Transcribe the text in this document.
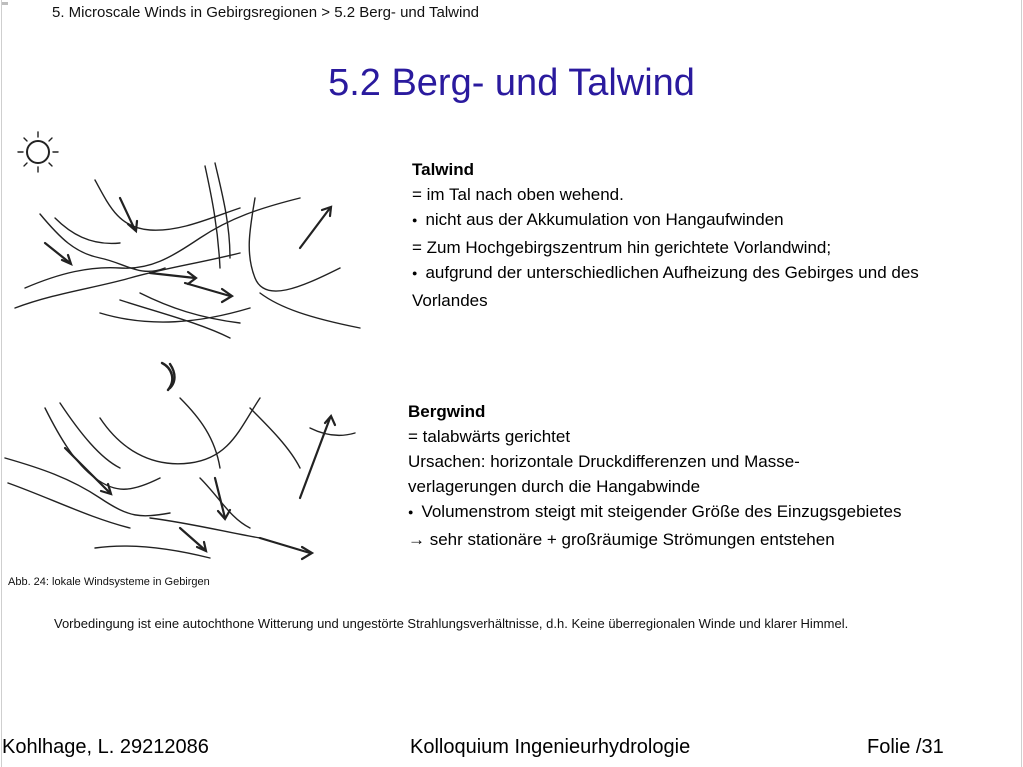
5. Microscale Winds in Gebirgsregionen > 5.2 Berg- und Talwind
5.2 Berg- und Talwind
Abb. 24: lokale Windsysteme in Gebirgen
Talwind
= im Tal nach oben wehend.
● nicht aus der Akkumulation von Hangaufwinden
= Zum Hochgebirgszentrum hin gerichtete Vorlandwind;
● aufgrund der unterschiedlichen Aufheizung des Gebirges und des Vorlandes
Bergwind
= talabwärts gerichtet
Ursachen: horizontale Druckdifferenzen und Masse-verlagerungen durch die Hangabwinde
● Volumenstrom steigt mit steigender Größe des Einzugsgebietes
→ sehr stationäre + großräumige Strömungen entstehen
Vorbedingung ist eine autochthone Witterung und ungestörte Strahlungsverhältnisse, d.h. Keine überregionalen Winde und klarer Himmel.
Kohlhage, L. 29212086	Kolloquium Ingenieurhydrologie	Folie /31
